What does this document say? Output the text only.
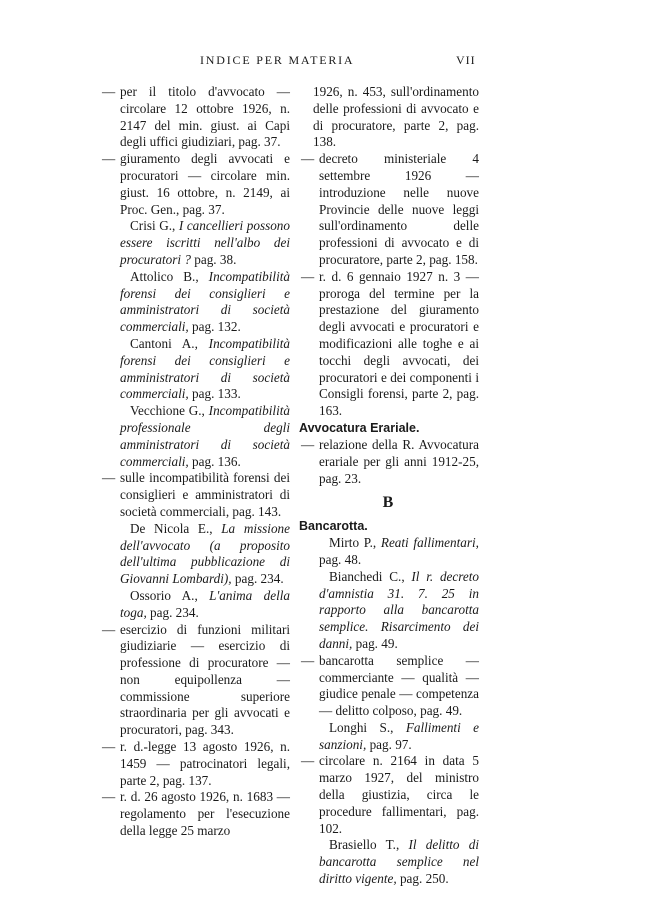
INDICE PER MATERIA	VII
— per il titolo d'avvocato — circolare 12 ottobre 1926, n. 2147 del min. giust. ai Capi degli uffici giudiziari, pag. 37.
— giuramento degli avvocati e procuratori — circolare min. giust. 16 ottobre, n. 2149, ai Proc. Gen., pag. 37.
Crisi G., I cancellieri possono essere iscritti nell'albo dei procuratori ? pag. 38.
Attolico B., Incompatibilità forensi dei consiglieri e amministratori di società commerciali, pag. 132.
Cantoni A., Incompatibilità forensi dei consiglieri e amministratori di società commerciali, pag. 133.
Vecchione G., Incompatibilità professionale degli amministratori di società commerciali, pag. 136.
— sulle incompatibilità forensi dei consiglieri e amministratori di società commerciali, pag. 143.
De Nicola E., La missione dell'avvocato (a proposito dell'ultima pubblicazione di Giovanni Lombardi), pag. 234.
Ossorio A., L'anima della toga, pag. 234.
— esercizio di funzioni militari giudiziarie — esercizio di professione di procuratore — non equipollenza — commissione superiore straordinaria per gli avvocati e procuratori, pag. 343.
— r. d.-legge 13 agosto 1926, n. 1459 — patrocinatori legali, parte 2, pag. 137.
— r. d. 26 agosto 1926, n. 1683 — regolamento per l'esecuzione della legge 25 marzo
1926, n. 453, sull'ordinamento delle professioni di avvocato e di procuratore, parte 2, pag. 138.
— decreto ministeriale 4 settembre 1926 — introduzione nelle nuove Provincie delle nuove leggi sull'ordinamento delle professioni di avvocato e di procuratore, parte 2, pag. 158.
— r. d. 6 gennaio 1927 n. 3 — proroga del termine per la prestazione del giuramento degli avvocati e procuratori e modificazioni alle toghe e ai tocchi degli avvocati, dei procuratori e dei componenti i Consigli forensi, parte 2, pag. 163.
Avvocatura Erariale.
— relazione della R. Avvocatura erariale per gli anni 1912-25, pag. 23.
B
Bancarotta.
Mirto P., Reati fallimentari, pag. 48.
Bianchedi C., Il r. decreto d'amnistia 31. 7. 25 in rapporto alla bancarotta semplice. Risarcimento dei danni, pag. 49.
— bancarotta semplice — commerciante — qualità — giudice penale — competenza — delitto colposo, pag. 49.
Longhi S., Fallimenti e sanzioni, pag. 97.
— circolare n. 2164 in data 5 marzo 1927, del ministro della giustizia, circa le procedure fallimentari, pag. 102.
Brasiello T., Il delitto di bancarotta semplice nel diritto vigente, pag. 250.
